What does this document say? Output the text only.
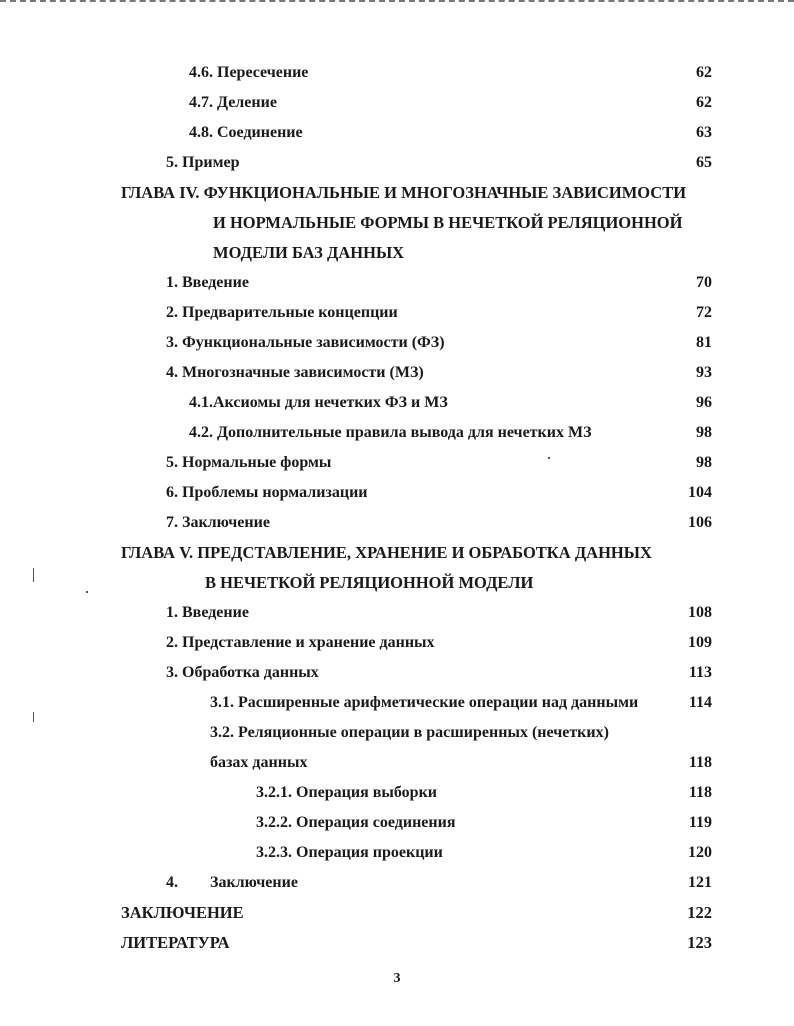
4.6. Пересечение	62
4.7. Деление	62
4.8. Соединение	63
5. Пример	65
ГЛАВА IV. ФУНКЦИОНАЛЬНЫЕ И МНОГОЗНАЧНЫЕ ЗАВИСИМОСТИ
И НОРМАЛЬНЫЕ ФОРМЫ В НЕЧЕТКОЙ РЕЛЯЦИОННОЙ
МОДЕЛИ БАЗ ДАННЫХ
1. Введение	70
2. Предварительные концепции	72
3. Функциональные зависимости (ФЗ)	81
4. Многозначные зависимости (МЗ)	93
4.1.Аксиомы для нечетких ФЗ и МЗ	96
4.2. Дополнительные правила вывода для нечетких МЗ	98
5. Нормальные формы	98
6. Проблемы нормализации	104
7. Заключение	106
ГЛАВА V. ПРЕДСТАВЛЕНИЕ, ХРАНЕНИЕ И ОБРАБОТКА ДАННЫХ
В НЕЧЕТКОЙ РЕЛЯЦИОННОЙ МОДЕЛИ
1. Введение	108
2. Представление и хранение данных	109
3. Обработка данных	113
3.1. Расширенные арифметические операции над данными	114
3.2. Реляционные операции в расширенных (нечетких)
базах данных	118
3.2.1. Операция выборки	118
3.2.2. Операция соединения	119
3.2.3. Операция проекции	120
4.        Заключение	121
ЗАКЛЮЧЕНИЕ	122
ЛИТЕРАТУРА	123
3
